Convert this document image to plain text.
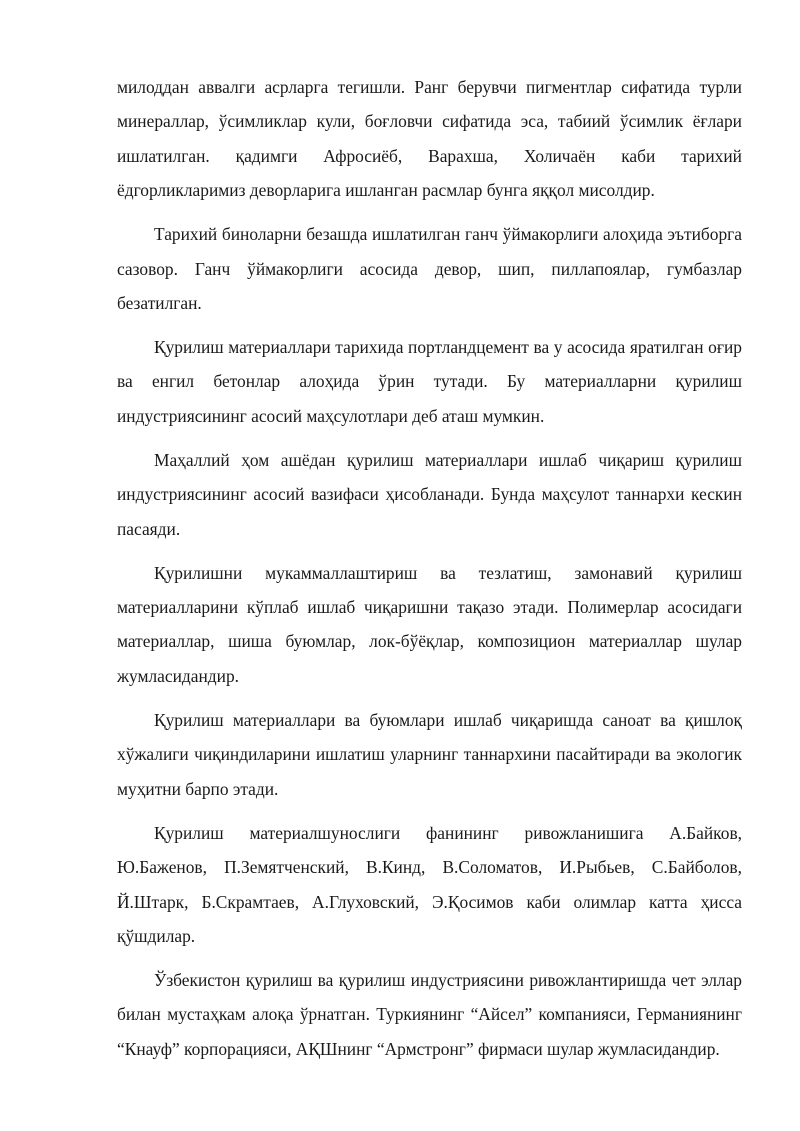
милоддан аввалги асрларга тегишли. Ранг берувчи пигментлар сифатида турли минераллар, ўсимликлар кули, боғловчи сифатида эса, табиий ўсимлик ёғлари ишлатилган. қадимги Афросиёб, Варахша, Холичаён каби тарихий ёдгорликларимиз деворларига ишланган расмлар бунга яққол мисолдир.

Тарихий биноларни безашда ишлатилган ганч ўймакорлиги алоҳида эътиборга сазовор. Ганч ўймакорлиги асосида девор, шип, пиллапоялар, гумбазлар безатилган.

Қурилиш материаллари тарихида портландцемент ва у асосида яратилган оғир ва енгил бетонлар алоҳида ўрин тутади. Бу материалларни қурилиш индустриясининг асосий маҳсулотлари деб аташ мумкин.

Маҳаллий ҳом ашёдан қурилиш материаллари ишлаб чиқариш қурилиш индустриясининг асосий вазифаси ҳисобланади. Бунда маҳсулот таннархи кескин пасаяди.

Қурилишни мукаммаллаштириш ва тезлатиш, замонавий қурилиш материалларини кўплаб ишлаб чиқаришни тақазо этади. Полимерлар асосидаги материаллар, шиша буюмлар, лок-бўёқлар, композицион материаллар шулар жумласидандир.

Қурилиш материаллари ва буюмлари ишлаб чиқаришда саноат ва қишлоқ хўжалиги чиқиндиларини ишлатиш уларнинг таннархини пасайтиради ва экологик муҳитни барпо этади.

Қурилиш материалшунослиги фанининг ривожланишига А.Байков, Ю.Баженов, П.Земятченский, В.Кинд, В.Соломатов, И.Рыбьев, С.Байболов, Й.Штарк, Б.Скрамтаев, А.Глуховский, Э.Қосимов каби олимлар катта ҳисса қўшдилар.

Ўзбекистон қурилиш ва қурилиш индустриясини ривожлантиришда чет эллар билан мустаҳкам алоқа ўрнатган. Туркиянинг “Айсел” компанияси, Германиянинг “Кнауф” корпорацияси, АҚШнинг “Армстронг” фирмаси шулар жумласидандир.
